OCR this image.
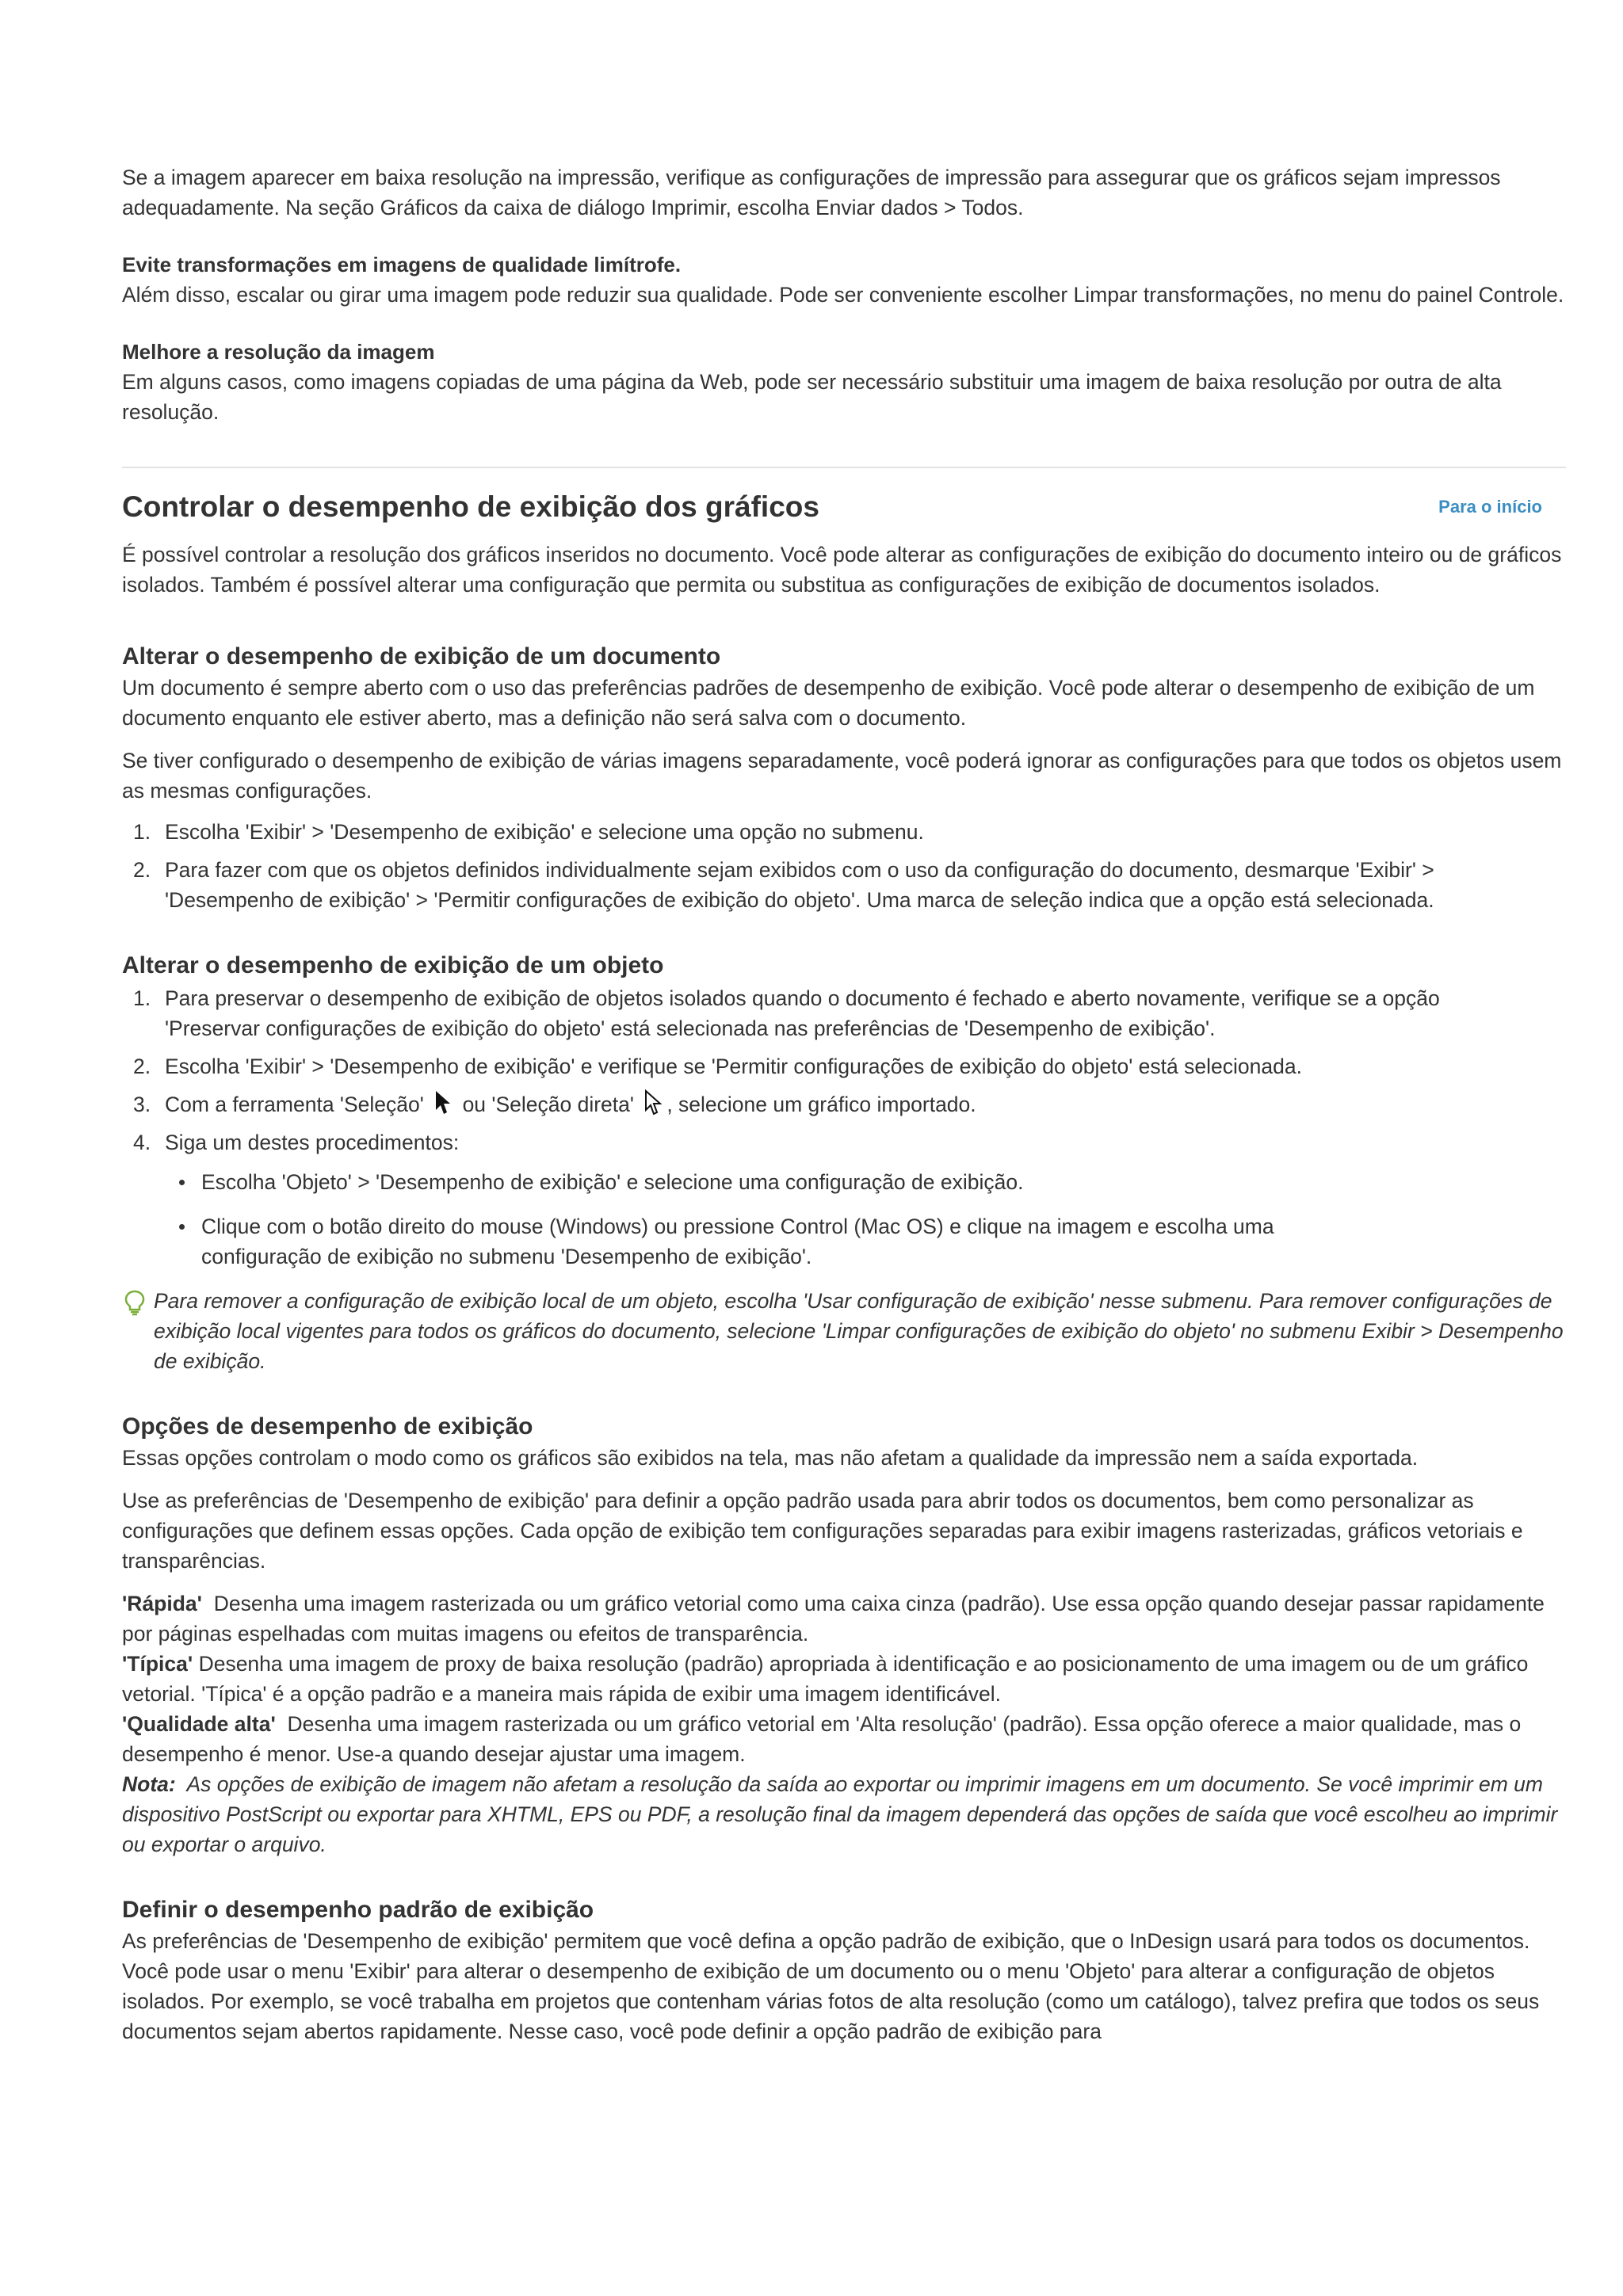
Se a imagem aparecer em baixa resolução na impressão, verifique as configurações de impressão para assegurar que os gráficos sejam impressos adequadamente. Na seção Gráficos da caixa de diálogo Imprimir, escolha Enviar dados > Todos.

Evite transformações em imagens de qualidade limítrofe.

Além disso, escalar ou girar uma imagem pode reduzir sua qualidade. Pode ser conveniente escolher Limpar transformações, no menu do painel Controle.

Melhore a resolução da imagem

Em alguns casos, como imagens copiadas de uma página da Web, pode ser necessário substituir uma imagem de baixa resolução por outra de alta resolução.

Controlar o desempenho de exibição dos gráficos	Para o início

É possível controlar a resolução dos gráficos inseridos no documento. Você pode alterar as configurações de exibição do documento inteiro ou de gráficos isolados. Também é possível alterar uma configuração que permita ou substitua as configurações de exibição de documentos isolados.

Alterar o desempenho de exibição de um documento

Um documento é sempre aberto com o uso das preferências padrões de desempenho de exibição. Você pode alterar o desempenho de exibição de um documento enquanto ele estiver aberto, mas a definição não será salva com o documento.

Se tiver configurado o desempenho de exibição de várias imagens separadamente, você poderá ignorar as configurações para que todos os objetos usem as mesmas configurações.

1. Escolha 'Exibir' > 'Desempenho de exibição' e selecione uma opção no submenu.
2. Para fazer com que os objetos definidos individualmente sejam exibidos com o uso da configuração do documento, desmarque 'Exibir' > 'Desempenho de exibição' > 'Permitir configurações de exibição do objeto'. Uma marca de seleção indica que a opção está selecionada.
Alterar o desempenho de exibição de um objeto
1. Para preservar o desempenho de exibição de objetos isolados quando o documento é fechado e aberto novamente, verifique se a opção 'Preservar configurações de exibição do objeto' está selecionada nas preferências de 'Desempenho de exibição'.
2. Escolha 'Exibir' > 'Desempenho de exibição' e verifique se 'Permitir configurações de exibição do objeto' está selecionada.
3. Com a ferramenta 'Seleção' ou 'Seleção direta' , selecione um gráfico importado.
4. Siga um destes procedimentos:
Escolha 'Objeto' > 'Desempenho de exibição' e selecione uma configuração de exibição.
Clique com o botão direito do mouse (Windows) ou pressione Control (Mac OS) e clique na imagem e escolha uma configuração de exibição no submenu 'Desempenho de exibição'.

Para remover a configuração de exibição local de um objeto, escolha 'Usar configuração de exibição' nesse submenu. Para remover configurações de exibição local vigentes para todos os gráficos do documento, selecione 'Limpar configurações de exibição do objeto' no submenu Exibir > Desempenho de exibição.

Opções de desempenho de exibição

Essas opções controlam o modo como os gráficos são exibidos na tela, mas não afetam a qualidade da impressão nem a saída exportada.

Use as preferências de 'Desempenho de exibição' para definir a opção padrão usada para abrir todos os documentos, bem como personalizar as configurações que definem essas opções. Cada opção de exibição tem configurações separadas para exibir imagens rasterizadas, gráficos vetoriais e transparências.

'Rápida' Desenha uma imagem rasterizada ou um gráfico vetorial como uma caixa cinza (padrão). Use essa opção quando desejar passar rapidamente por páginas espelhadas com muitas imagens ou efeitos de transparência.

'Típica' Desenha uma imagem de proxy de baixa resolução (padrão) apropriada à identificação e ao posicionamento de uma imagem ou de um gráfico vetorial. 'Típica' é a opção padrão e a maneira mais rápida de exibir uma imagem identificável.

'Qualidade alta' Desenha uma imagem rasterizada ou um gráfico vetorial em 'Alta resolução' (padrão). Essa opção oferece a maior qualidade, mas o desempenho é menor. Use-a quando desejar ajustar uma imagem.

Nota: As opções de exibição de imagem não afetam a resolução da saída ao exportar ou imprimir imagens em um documento. Se você imprimir em um dispositivo PostScript ou exportar para XHTML, EPS ou PDF, a resolução final da imagem dependerá das opções de saída que você escolheu ao imprimir ou exportar o arquivo.

Definir o desempenho padrão de exibição

As preferências de 'Desempenho de exibição' permitem que você defina a opção padrão de exibição, que o InDesign usará para todos os documentos. Você pode usar o menu 'Exibir' para alterar o desempenho de exibição de um documento ou o menu 'Objeto' para alterar a configuração de objetos isolados. Por exemplo, se você trabalha em projetos que contenham várias fotos de alta resolução (como um catálogo), talvez prefira que todos os seus documentos sejam abertos rapidamente. Nesse caso, você pode definir a opção padrão de exibição para
